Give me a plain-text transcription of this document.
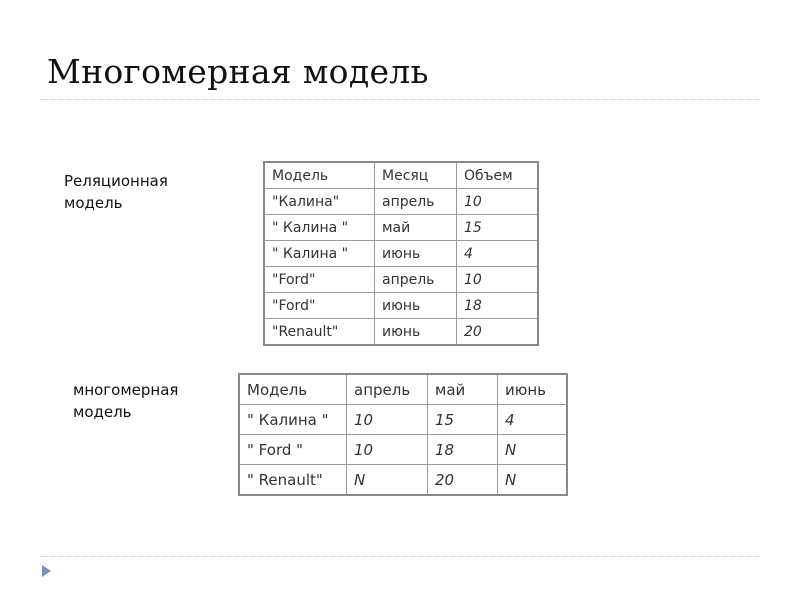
Многомерная модель
Реляционная
модель
Модель	Месяц	Объем
"Калина"	апрель	10
" Калина "	май	15
" Калина "	июнь	4
"Ford"	апрель	10
"Ford"	июнь	18
"Renault"	июнь	20
многомерная
модель
Модель	апрель	май	июнь
" Калина "	10	15	4
" Ford "	10	18	N
" Renault"	N	20	N
